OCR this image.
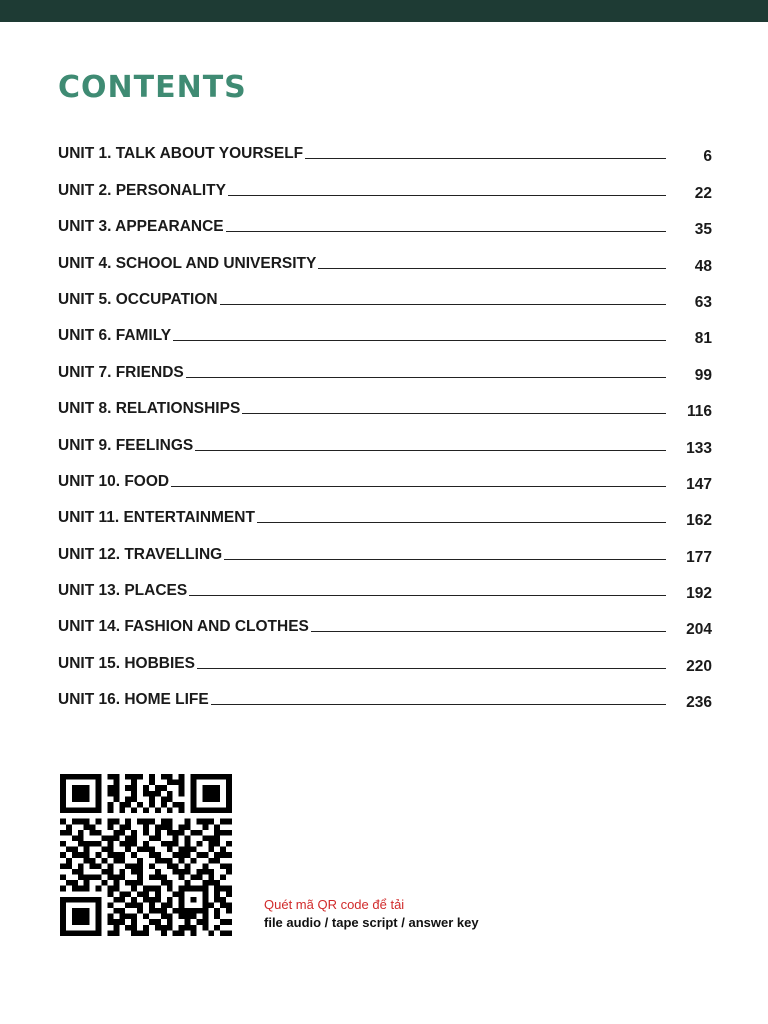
CONTENTS
UNIT 1. TALK ABOUT YOURSELF	6
UNIT 2. PERSONALITY	22
UNIT 3. APPEARANCE	35
UNIT 4. SCHOOL AND UNIVERSITY	48
UNIT 5. OCCUPATION	63
UNIT 6. FAMILY	81
UNIT 7. FRIENDS	99
UNIT 8. RELATIONSHIPS	116
UNIT 9. FEELINGS	133
UNIT 10. FOOD	147
UNIT 11. ENTERTAINMENT	162
UNIT 12. TRAVELLING	177
UNIT 13. PLACES	192
UNIT 14. FASHION AND CLOTHES	204
UNIT 15. HOBBIES	220
UNIT 16. HOME LIFE	236
Quét mã QR code để tải
file audio / tape script / answer key
